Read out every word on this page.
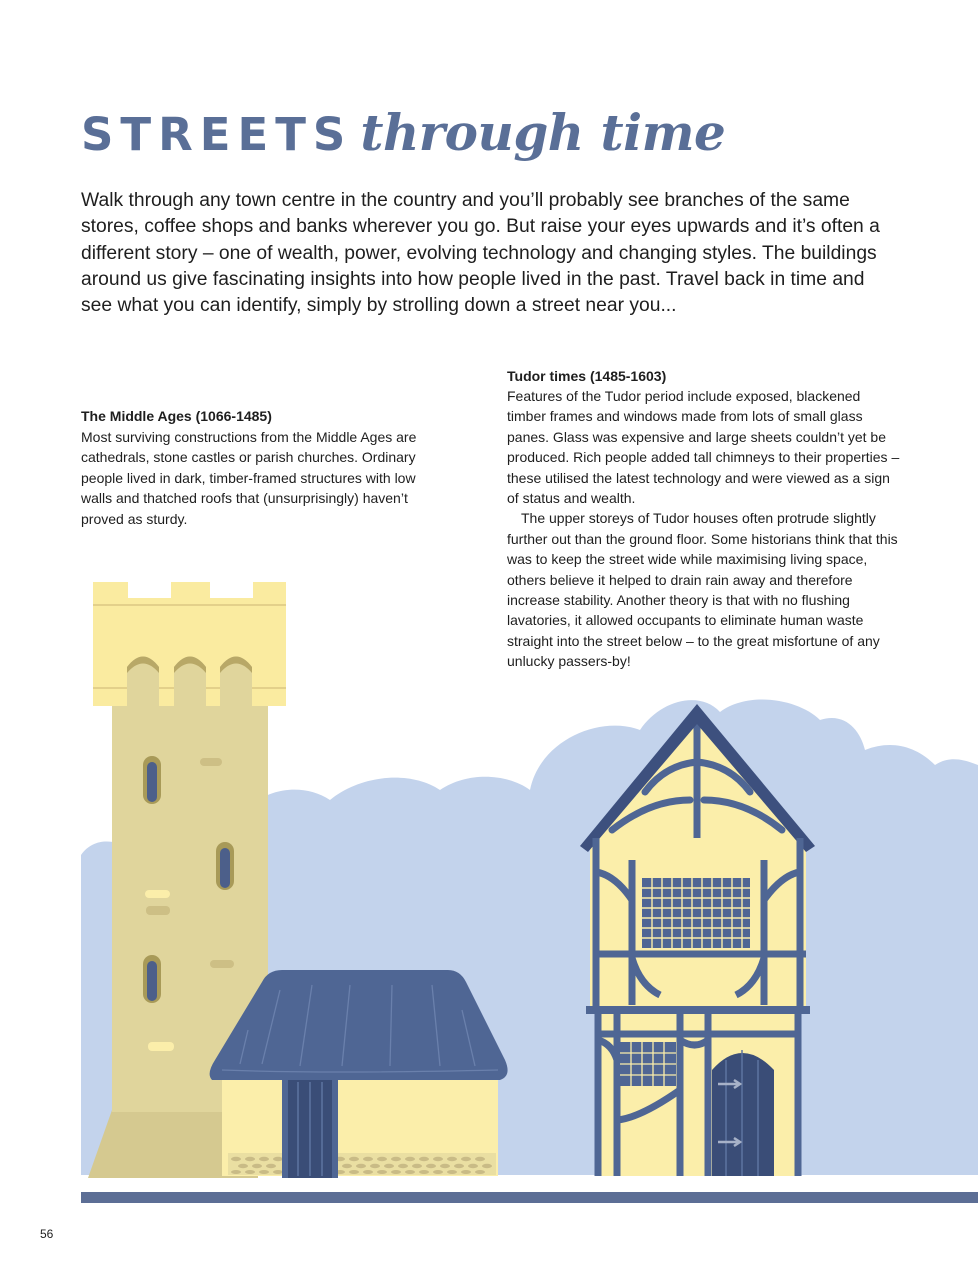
STREETS through time

Walk through any town centre in the country and you’ll probably see branches of the same stores, coffee shops and banks wherever you go. But raise your eyes upwards and it’s often a different story – one of wealth, power, evolving technology and changing styles. The buildings around us give fascinating insights into how people lived in the past. Travel back in time and see what you can identify, simply by strolling down a street near you...

The Middle Ages (1066-1485)

Most surviving constructions from the Middle Ages are cathedrals, stone castles or parish churches. Ordinary people lived in dark, timber-framed structures with low walls and thatched roofs that (unsurprisingly) haven’t proved as sturdy.

Tudor times (1485-1603)

Features of the Tudor period include exposed, blackened timber frames and windows made from lots of small glass panes. Glass was expensive and large sheets couldn’t yet be produced. Rich people added tall chimneys to their properties – these utilised the latest technology and were viewed as a sign of status and wealth.

The upper storeys of Tudor houses often protrude slightly further out than the ground floor. Some historians think that this was to keep the street wide while maximising living space, others believe it helped to drain rain away and therefore increase stability. Another theory is that with no flushing lavatories, it allowed occupants to eliminate human waste straight into the street below – to the great misfortune of any unlucky passers-by!

56
